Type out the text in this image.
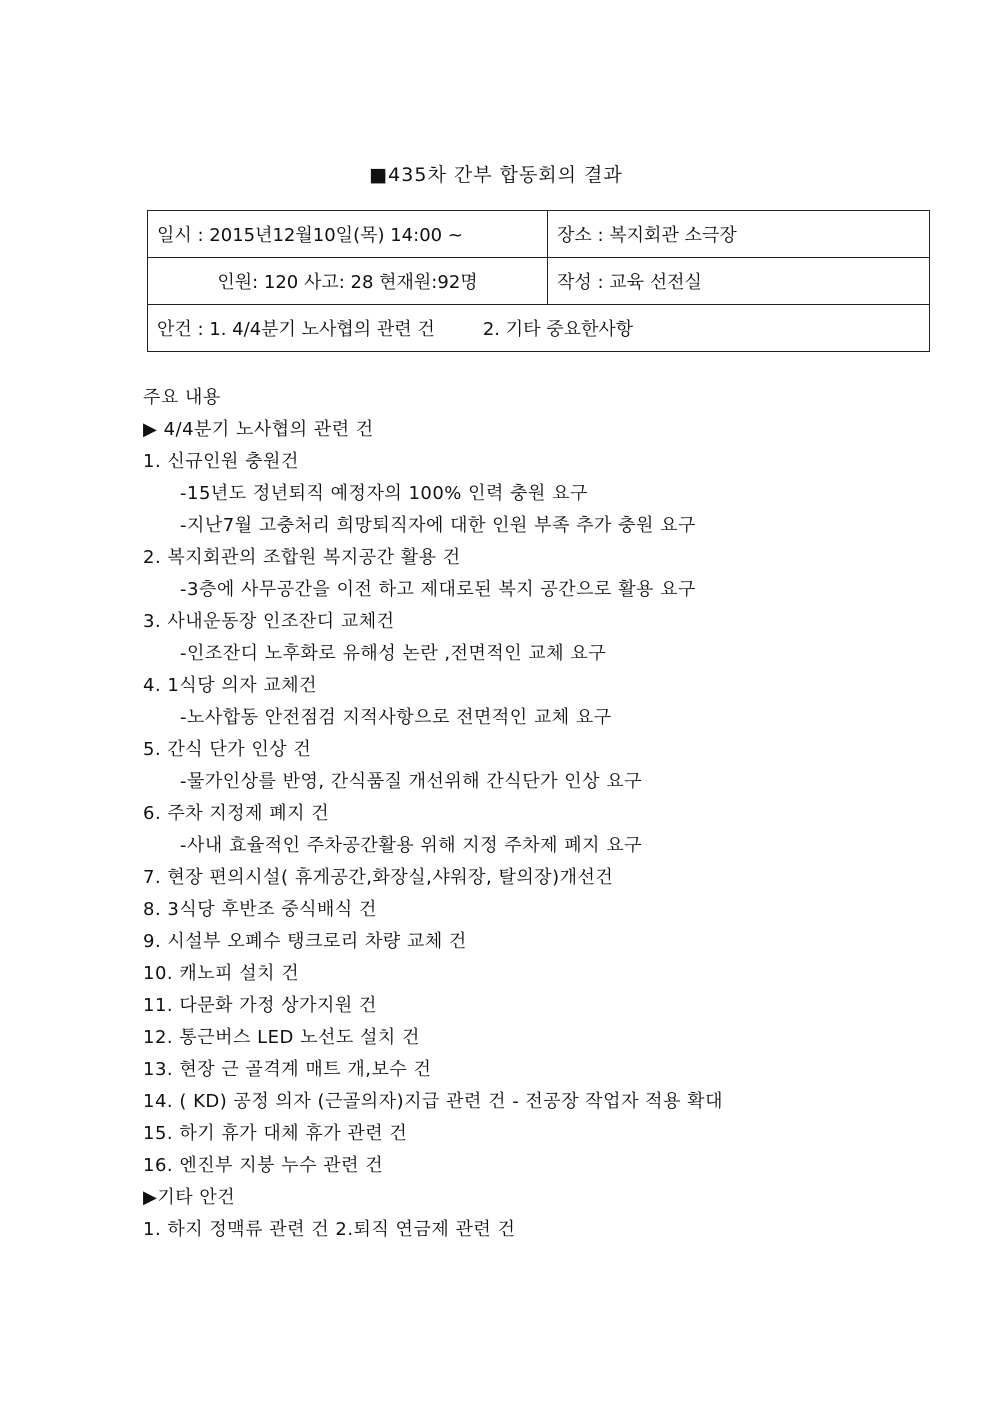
■435차 간부 합동회의 결과
일시 : 2015년12월10일(목) 14:00 ~	장소 : 복지회관 소극장
인원: 120 사고: 28 현재원:92명	작성 : 교육 선전실
안건 : 1. 4/4분기 노사협의 관련 건 2. 기타 중요한사항	
주요 내용
▶ 4/4분기 노사협의 관련 건
1. 신규인원 충원건
-15년도 정년퇴직 예정자의 100% 인력 충원 요구
-지난7월 고충처리 희망퇴직자에 대한 인원 부족 추가 충원 요구
2. 복지회관의 조합원 복지공간 활용 건
-3층에 사무공간을 이전 하고 제대로된 복지 공간으로 활용 요구
3. 사내운동장 인조잔디 교체건
-인조잔디 노후화로 유해성 논란 ,전면적인 교체 요구
4. 1식당 의자 교체건
-노사합동 안전점검 지적사항으로 전면적인 교체 요구
5. 간식 단가 인상 건
-물가인상를 반영, 간식품질 개선위해 간식단가 인상 요구
6. 주차 지정제 폐지 건
-사내 효율적인 주차공간활용 위해 지정 주차제 폐지 요구
7. 현장 편의시설( 휴게공간,화장실,샤워장, 탈의장)개선건
8. 3식당 후반조 중식배식 건
9. 시설부 오폐수 탱크로리 차량 교체 건
10. 캐노피 설치 건
11. 다문화 가정 상가지원 건
12. 통근버스 LED 노선도 설치 건
13. 현장 근 골격계 매트 개,보수 건
14. ( KD) 공정 의자 (근골의자)지급 관련 건 - 전공장 작업자 적용 확대
15. 하기 휴가 대체 휴가 관련 건
16. 엔진부 지붕 누수 관련 건
▶기타 안건
1. 하지 정맥류 관련 건 2.퇴직 연금제 관련 건
